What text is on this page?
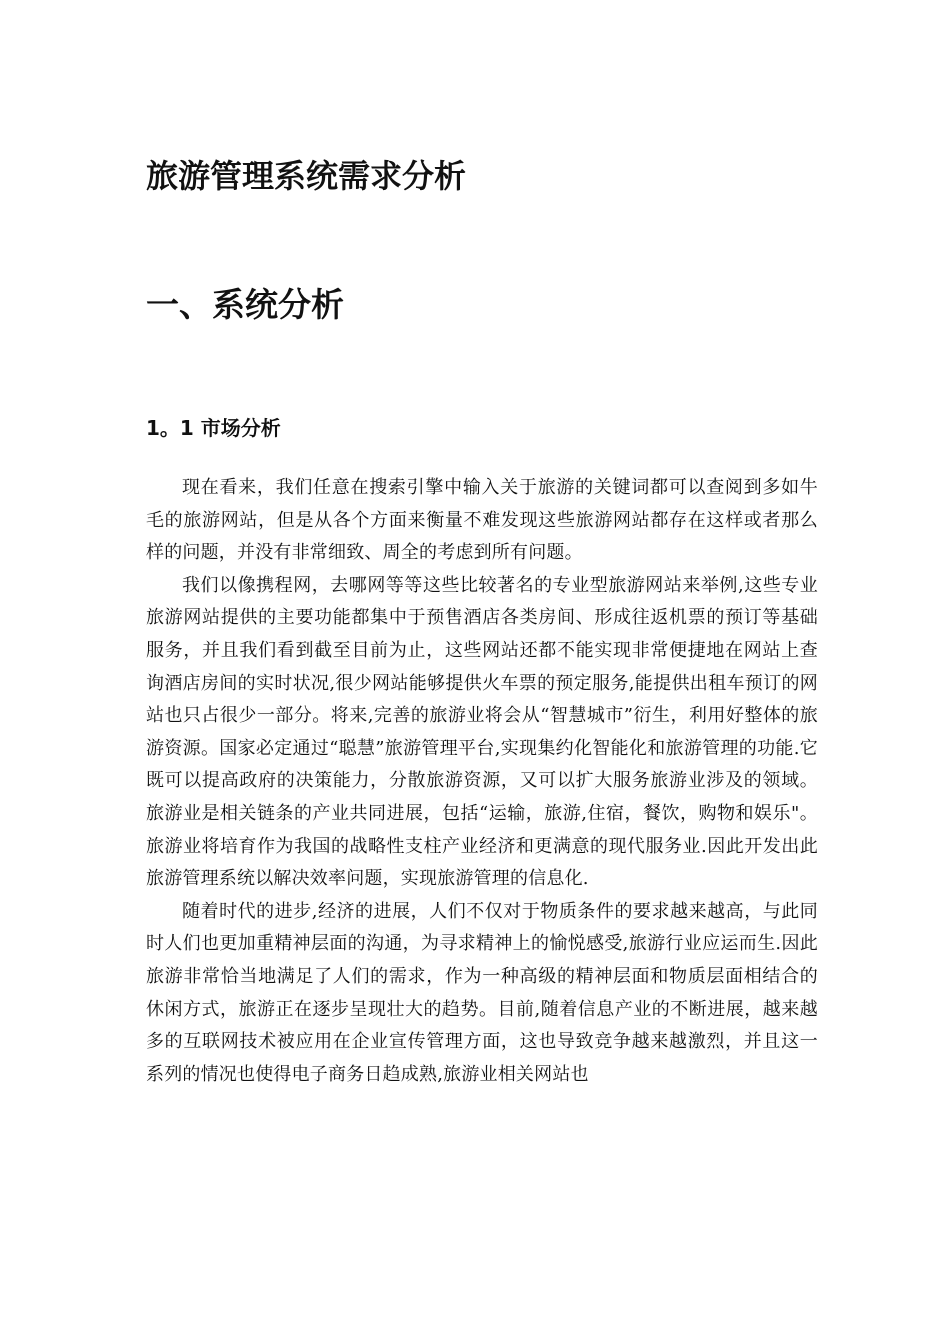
旅游管理系统需求分析
一、系统分析
1。1 市场分析

现在看来，我们任意在搜索引擎中输入关于旅游的关键词都可以查阅到多如牛毛的旅游网站，但是从各个方面来衡量不难发现这些旅游网站都存在这样或者那么样的问题，并没有非常细致、周全的考虑到所有问题。

我们以像携程网，去哪网等等这些比较著名的专业型旅游网站来举例,这些专业旅游网站提供的主要功能都集中于预售酒店各类房间、形成往返机票的预订等基础服务，并且我们看到截至目前为止，这些网站还都不能实现非常便捷地在网站上查询酒店房间的实时状况,很少网站能够提供火车票的预定服务,能提供出租车预订的网站也只占很少一部分。将来,完善的旅游业将会从“智慧城市”衍生，利用好整体的旅游资源。国家必定通过“聪慧”旅游管理平台,实现集约化智能化和旅游管理的功能.它既可以提高政府的决策能力，分散旅游资源，又可以扩大服务旅游业涉及的领域。旅游业是相关链条的产业共同进展，包括“运输，旅游,住宿，餐饮，购物和娱乐"。旅游业将培育作为我国的战略性支柱产业经济和更满意的现代服务业.因此开发出此旅游管理系统以解决效率问题，实现旅游管理的信息化.

随着时代的进步,经济的进展，人们不仅对于物质条件的要求越来越高，与此同时人们也更加重精神层面的沟通，为寻求精神上的愉悦感受,旅游行业应运而生.因此旅游非常恰当地满足了人们的需求，作为一种高级的精神层面和物质层面相结合的休闲方式，旅游正在逐步呈现壮大的趋势。目前,随着信息产业的不断进展，越来越多的互联网技术被应用在企业宣传管理方面，这也导致竞争越来越激烈，并且这一系列的情况也使得电子商务日趋成熟,旅游业相关网站也
